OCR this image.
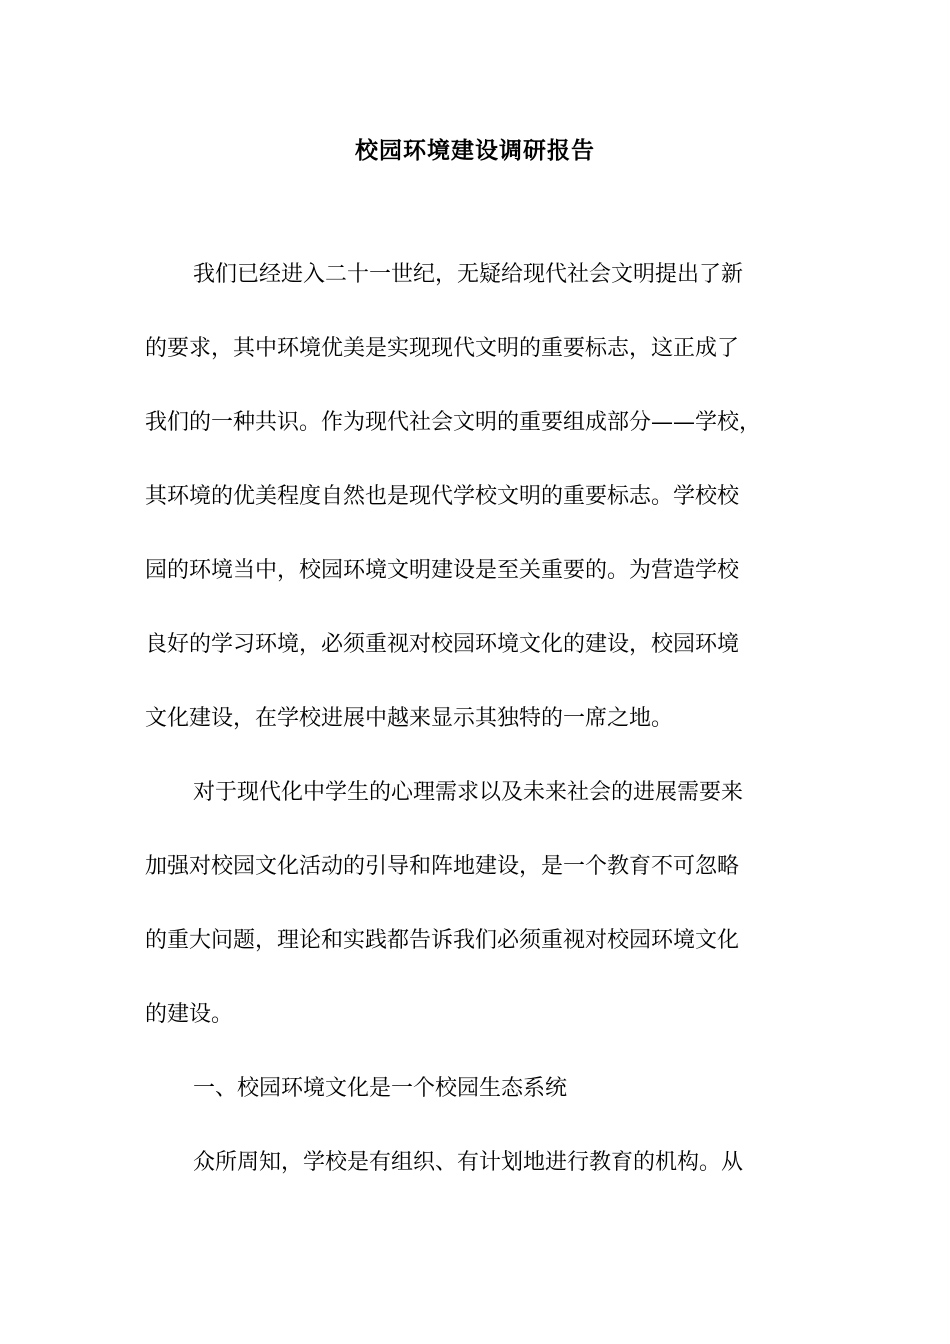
校园环境建设调研报告
我们已经进入二十一世纪，无疑给现代社会文明提出了新
的要求，其中环境优美是实现现代文明的重要标志，这正成了
我们的一种共识。作为现代社会文明的重要组成部分——学校，
其环境的优美程度自然也是现代学校文明的重要标志。学校校
园的环境当中，校园环境文明建设是至关重要的。为营造学校
良好的学习环境，必须重视对校园环境文化的建设，校园环境
文化建设，在学校进展中越来显示其独特的一席之地。
对于现代化中学生的心理需求以及未来社会的进展需要来
加强对校园文化活动的引导和阵地建设，是一个教育不可忽略
的重大问题，理论和实践都告诉我们必须重视对校园环境文化
的建设。
一、校园环境文化是一个校园生态系统
众所周知，学校是有组织、有计划地进行教育的机构。从
